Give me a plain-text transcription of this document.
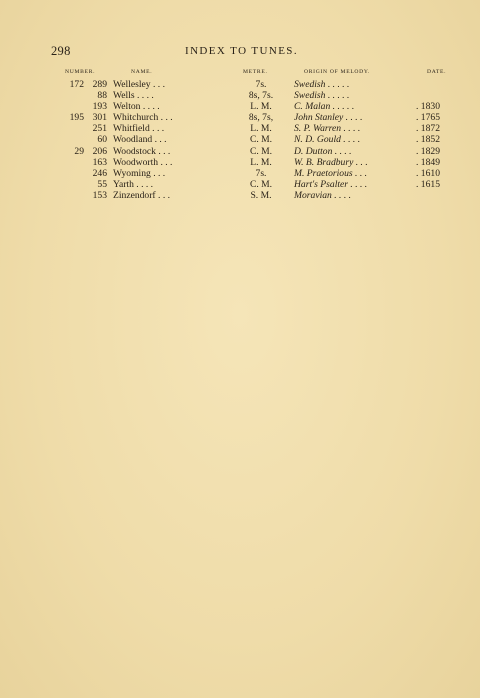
298	INDEX TO TUNES.
NUMBER.	NAME.	METRE.	ORIGIN OF MELODY.	DATE.
172 289 Wellesley . . .	7s.	Swedish . . . . .
88 Wells . . . .	8s, 7s.	Swedish . . . . .
193 Welton . . . .	L. M.	C. Malan . . . . .	. 1830
195 301 Whitchurch . . .	8s, 7s,	John Stanley . . . .	. 1765
251 Whitfield . . .	L. M.	S. P. Warren . . . .	. 1872
60 Woodland . . .	C. M.	N. D. Gould . . . .	. 1852
29 206 Woodstock . . .	C. M.	D. Dutton . . . .	. 1829
163 Woodworth . . .	L. M.	W. B. Bradbury . . .	. 1849
246 Wyoming . . .	7s.	M. Praetorious . . .	. 1610
55 Yarth . . . .	C. M.	Hart's Psalter . . . .	. 1615
153 Zinzendorf . . .	S. M.	Moravian . . . .
